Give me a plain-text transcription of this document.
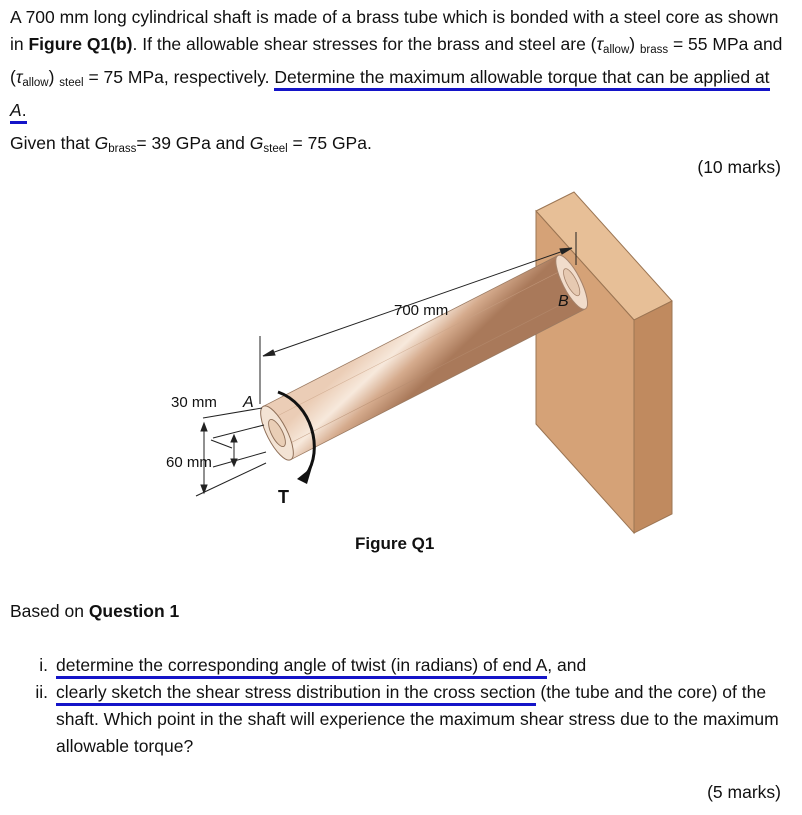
A 700 mm long cylindrical shaft is made of a brass tube which is bonded with a steel core as shown in Figure Q1(b). If the allowable shear stresses for the brass and steel are $(\tau_{allow}) _{brass} = 55$ MPa and $(\tau_{allow}) _{steel} = 75$ MPa, respectively. Determine the maximum allowable torque that can be applied at A.

Given that $G_{brass}= 39$ GPa and $G_{steel} = 75$ GPa.

(10 marks)
700 mm
30 mm A
60 mm
B
T
Figure Q1

Based on Question 1

i. determine the corresponding angle of twist (in radians) of end A, and
ii. clearly sketch the shear stress distribution in the cross section (the tube and the core) of the shaft. Which point in the shaft will experience the maximum shear stress due to the maximum allowable torque?
(5 marks)
